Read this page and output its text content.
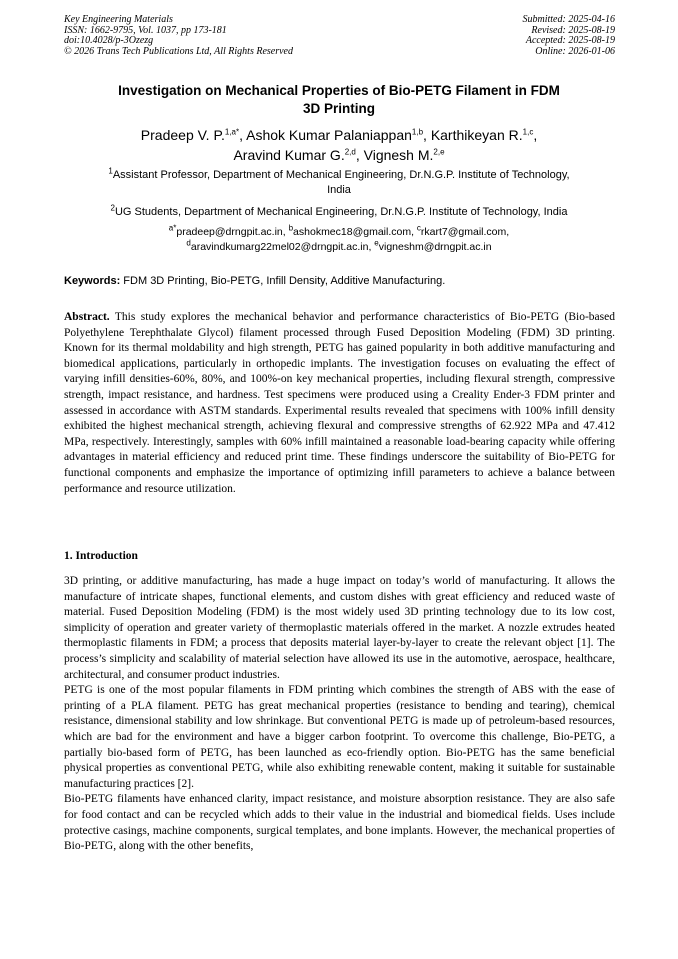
Key Engineering Materials
ISSN: 1662-9795, Vol. 1037, pp 173-181
doi:10.4028/p-3Ozezg
© 2026 Trans Tech Publications Ltd, All Rights Reserved
Submitted: 2025-04-16
Revised: 2025-08-19
Accepted: 2025-08-19
Online: 2026-01-06
Investigation on Mechanical Properties of Bio-PETG Filament in FDM
3D Printing
Pradeep V. P.$^{1,a*}$, Ashok Kumar Palaniappan$^{1,b}$, Karthikeyan R.$^{1,c}$,
Aravind Kumar G.$^{2,d}$, Vignesh M.$^{2,e}$
$^1$Assistant Professor, Department of Mechanical Engineering, Dr.N.G.P. Institute of Technology,
India
$^2$UG Students, Department of Mechanical Engineering, Dr.N.G.P. Institute of Technology, India
$^{a*}$pradeep@drngpit.ac.in, $^b$ashokmec18@gmail.com, $^c$rkart7@gmail.com,
$^d$aravindkumarg22mel02@drngpit.ac.in, $^e$vigneshm@drngpit.ac.in
Keywords: FDM 3D Printing, Bio-PETG, Infill Density, Additive Manufacturing.
Abstract. This study explores the mechanical behavior and performance characteristics of Bio-PETG (Bio-based Polyethylene Terephthalate Glycol) filament processed through Fused Deposition Modeling (FDM) 3D printing. Known for its thermal moldability and high strength, PETG has gained popularity in both additive manufacturing and biomedical applications, particularly in orthopedic implants. The investigation focuses on evaluating the effect of varying infill densities-60%, 80%, and 100%-on key mechanical properties, including flexural strength, compressive strength, impact resistance, and hardness. Test specimens were produced using a Creality Ender-3 FDM printer and assessed in accordance with ASTM standards. Experimental results revealed that specimens with 100% infill density exhibited the highest mechanical strength, achieving flexural and compressive strengths of 62.922 MPa and 47.412 MPa, respectively. Interestingly, samples with 60% infill maintained a reasonable load-bearing capacity while offering advantages in material efficiency and reduced print time. These findings underscore the suitability of Bio-PETG for functional components and emphasize the importance of optimizing infill parameters to achieve a balance between performance and resource utilization.
1. Introduction

3D printing, or additive manufacturing, has made a huge impact on today’s world of manufacturing. It allows the manufacture of intricate shapes, functional elements, and custom dishes with great efficiency and reduced waste of material. Fused Deposition Modeling (FDM) is the most widely used 3D printing technology due to its low cost, simplicity of operation and greater variety of thermoplastic materials offered in the market. A nozzle extrudes heated thermoplastic filaments in FDM; a process that deposits material layer-by-layer to create the relevant object [1]. The process’s simplicity and scalability of material selection have allowed its use in the automotive, aerospace, healthcare, architectural, and consumer product industries.

PETG is one of the most popular filaments in FDM printing which combines the strength of ABS with the ease of printing of a PLA filament. PETG has great mechanical properties (resistance to bending and tearing), chemical resistance, dimensional stability and low shrinkage. But conventional PETG is made up of petroleum-based resources, which are bad for the environment and have a bigger carbon footprint. To overcome this challenge, Bio-PETG, a partially bio-based form of PETG, has been launched as eco-friendly option. Bio-PETG has the same beneficial physical properties as conventional PETG, while also exhibiting renewable content, making it suitable for sustainable manufacturing practices [2].

Bio-PETG filaments have enhanced clarity, impact resistance, and moisture absorption resistance. They are also safe for food contact and can be recycled which adds to their value in the industrial and biomedical fields. Uses include protective casings, machine components, surgical templates, and bone implants. However, the mechanical properties of Bio-PETG, along with the other benefits,
